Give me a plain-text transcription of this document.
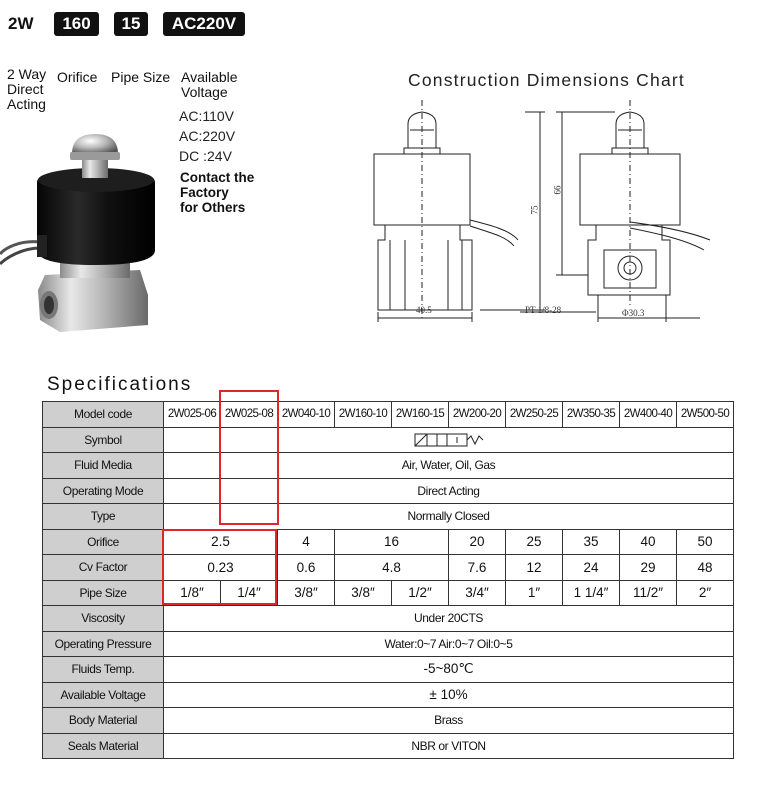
2W	160	15	AC220V
2 Way
Direct
Acting
Orifice Pipe Size Available
Voltage
AC:110V
AC:220V
DC :24V
Contact the
Factory
for Others
Construction Dimensions Chart
75
66
40.5	PT 1/8-28	Φ30.3
Specifications
Model code	2W025-06	2W025-08	2W040-10	2W160-10	2W160-15	2W200-20	2W250-25	2W350-35	2W400-40	2W500-50
Symbol	

Fluid Media	Air, Water, Oil, Gas									
Operating Mode	Direct Acting									
Type	Normally Closed									
Orifice	2.5		4	16		20	25	35	40	50
Cv Factor	0.23		0.6	4.8		7.6	12	24	29	48
Pipe Size	1/8″	1/4″	3/8″	3/8″	1/2″	3/4″	1″	1 1/4″	11/2″	2″
Viscosity	Under 20CTS									
Operating Pressure	Water:0~7 Air:0~7 Oil:0~5									
Fluids Temp.	-5~80℃									
Available Voltage	± 10%									
Body Material	Brass									
Seals Material	NBR or VITON									
